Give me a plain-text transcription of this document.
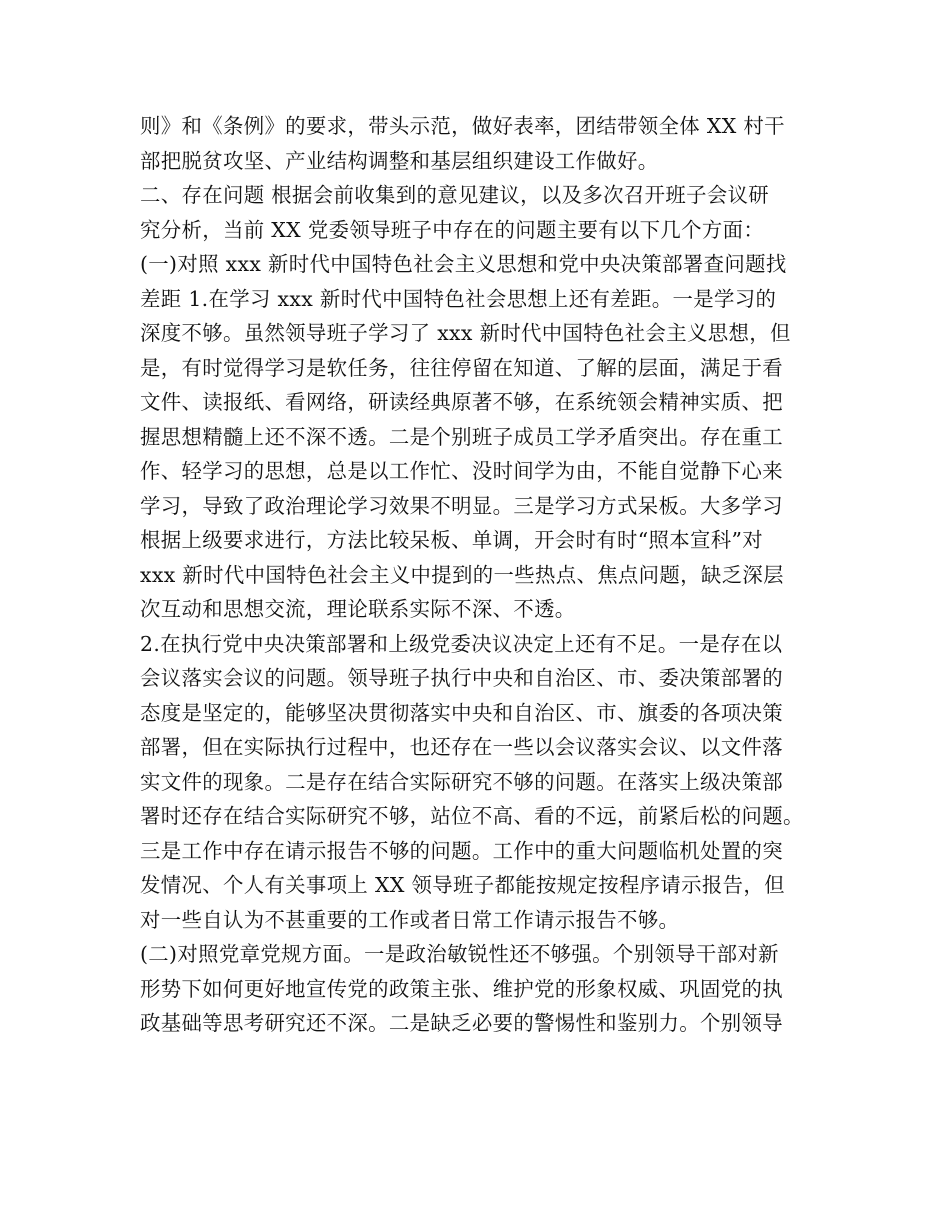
则》和《条例》的要求，带头示范，做好表率，团结带领全体 XX 村干
部把脱贫攻坚、产业结构调整和基层组织建设工作做好。
二、存在问题 根据会前收集到的意见建议，以及多次召开班子会议研
究分析，当前 XX 党委领导班子中存在的问题主要有以下几个方面：
(一)对照 xxx 新时代中国特色社会主义思想和党中央决策部署查问题找
差距 1.在学习 xxx 新时代中国特色社会思想上还有差距。一是学习的
深度不够。虽然领导班子学习了 xxx 新时代中国特色社会主义思想，但
是，有时觉得学习是软任务，往往停留在知道、了解的层面，满足于看
文件、读报纸、看网络，研读经典原著不够，在系统领会精神实质、把
握思想精髓上还不深不透。二是个别班子成员工学矛盾突出。存在重工
作、轻学习的思想，总是以工作忙、没时间学为由，不能自觉静下心来
学习，导致了政治理论学习效果不明显。三是学习方式呆板。大多学习
根据上级要求进行，方法比较呆板、单调，开会时有时“照本宣科”对
xxx 新时代中国特色社会主义中提到的一些热点、焦点问题，缺乏深层
次互动和思想交流，理论联系实际不深、不透。
2.在执行党中央决策部署和上级党委决议决定上还有不足。一是存在以
会议落实会议的问题。领导班子执行中央和自治区、市、委决策部署的
态度是坚定的，能够坚决贯彻落实中央和自治区、市、旗委的各项决策
部署，但在实际执行过程中，也还存在一些以会议落实会议、以文件落
实文件的现象。二是存在结合实际研究不够的问题。在落实上级决策部
署时还存在结合实际研究不够，站位不高、看的不远，前紧后松的问题。
三是工作中存在请示报告不够的问题。工作中的重大问题临机处置的突
发情况、个人有关事项上 XX 领导班子都能按规定按程序请示报告，但
对一些自认为不甚重要的工作或者日常工作请示报告不够。
(二)对照党章党规方面。一是政治敏锐性还不够强。个别领导干部对新
形势下如何更好地宣传党的政策主张、维护党的形象权威、巩固党的执
政基础等思考研究还不深。二是缺乏必要的警惕性和鉴别力。个别领导
